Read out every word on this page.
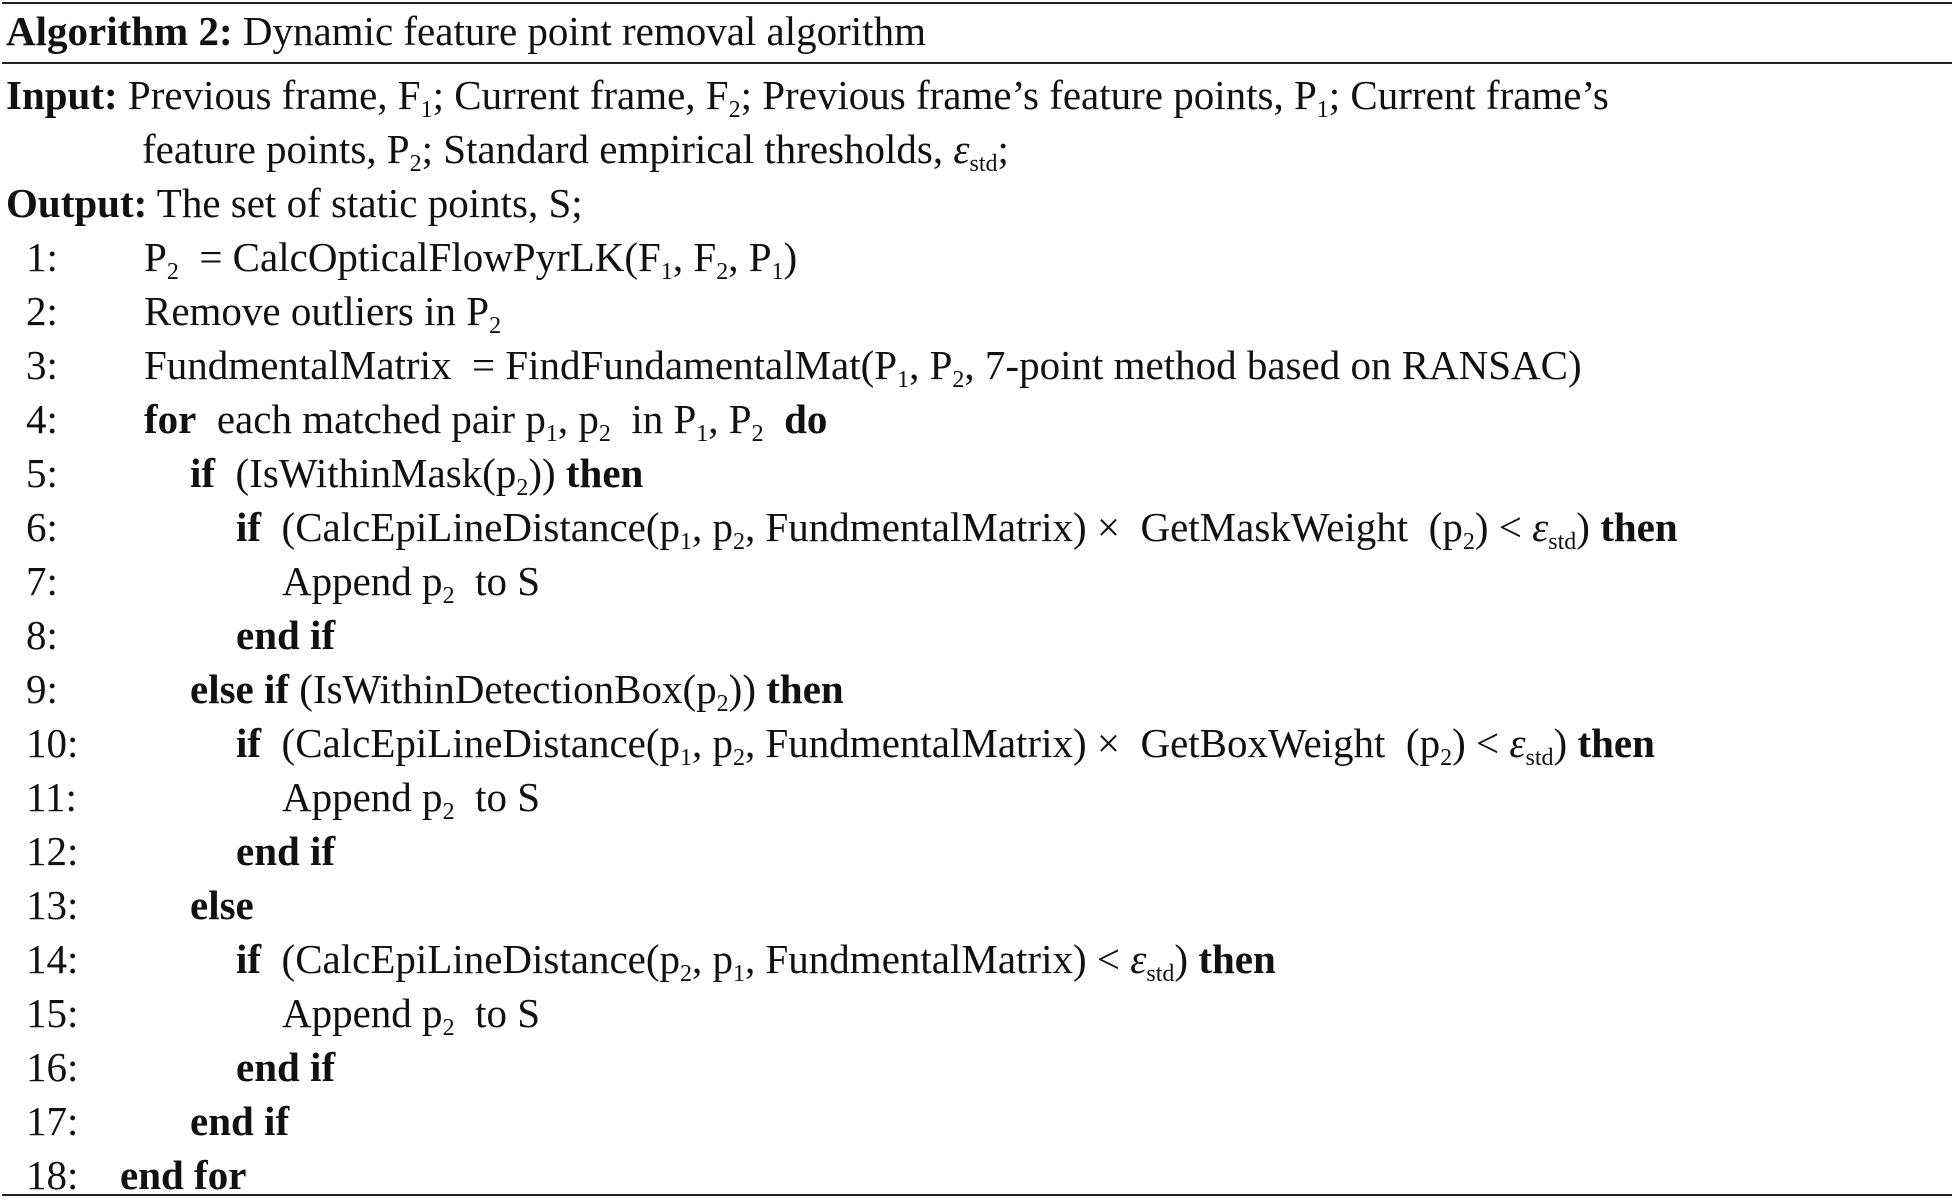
Algorithm 2: Dynamic feature point removal algorithm
Input: Previous frame, $F_1$; Current frame, $F_2$; Previous frame’s feature points, $P_1$; Current frame’s
feature points, $P_2$; Standard empirical thresholds, $\varepsilon_{std}$;
Output: The set of static points, S;
1:	$P_2$  = $CalcOpticalFlowPyrLK(F_1$, $F_2$, $P_1$)
2:	Remove outliers in $P_2$
3:	FundmentalMatrix  = $FindFundamentalMat(P_1$, $P_2$, 7-point method based on RANSAC)
4:	for  each matched pair $p_1$, $p_2$  in $P_1$, $P_2$ do
5:	if  $(IsWithinMask(p_2))$ then
6:	if  ($CalcEpiLineDistance(p_1$, $p_2$, FundmentalMatrix) ×  GetMaskWeight  $(p_2) < \varepsilon_{std}$) then
7:	Append $p_2$  to S
8:	end if
9:	else if $(IsWithinDetectionBox(p_2))$ then
10:	if  ($CalcEpiLineDistance(p_1$, $p_2$, FundmentalMatrix) ×  GetBoxWeight  $(p_2) < \varepsilon_{std}$) then
11:	Append $p_2$  to S
12:	end if
13:	else
14:	if  ($CalcEpiLineDistance(p_2$, $p_1$, FundmentalMatrix) < $\varepsilon_{std}$) then
15:	Append $p_2$  to S
16:	end if
17:	end if
18: end for
